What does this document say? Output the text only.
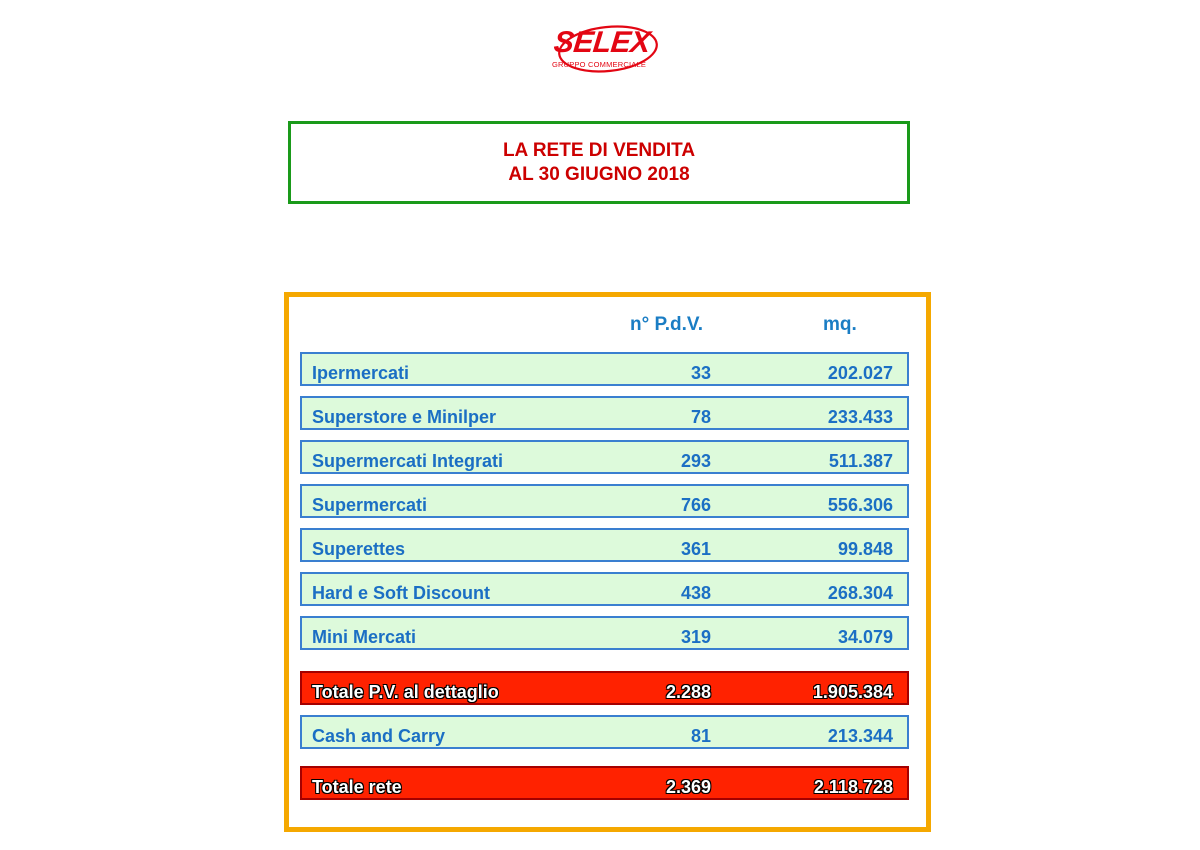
SELEX
GRUPPO COMMERCIALE
LA RETE DI VENDITA
AL 30 GIUGNO 2018
n° P.d.V.	mq.
Ipermercati	33	202.027
Superstore e Minilper	78	233.433
Supermercati Integrati	293	511.387
Supermercati	766	556.306
Superettes	361	99.848
Hard e Soft Discount	438	268.304
Mini Mercati	319	34.079
Totale P.V. al dettaglio	2.288	1.905.384
Cash and Carry	81	213.344
Totale rete	2.369	2.118.728
